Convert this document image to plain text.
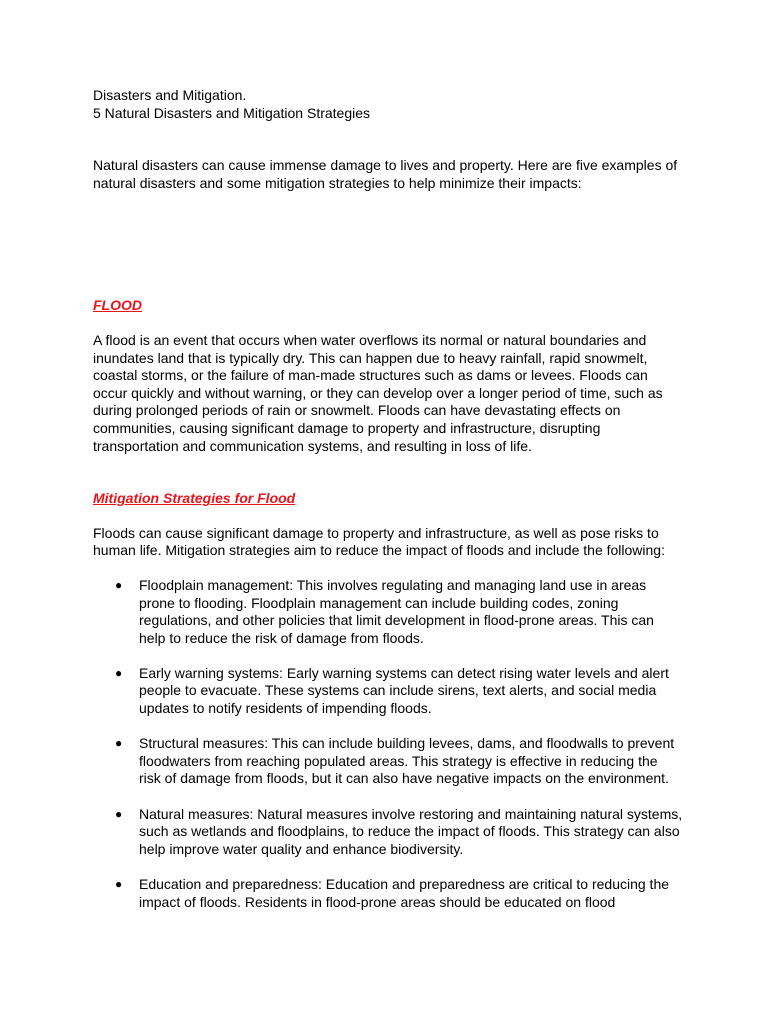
Disasters and Mitigation.

5 Natural Disasters and Mitigation Strategies

Natural disasters can cause immense damage to lives and property. Here are five examples of natural disasters and some mitigation strategies to help minimize their impacts:

FLOOD

A flood is an event that occurs when water overflows its normal or natural boundaries and inundates land that is typically dry. This can happen due to heavy rainfall, rapid snowmelt, coastal storms, or the failure of man-made structures such as dams or levees. Floods can occur quickly and without warning, or they can develop over a longer period of time, such as during prolonged periods of rain or snowmelt. Floods can have devastating effects on communities, causing significant damage to property and infrastructure, disrupting transportation and communication systems, and resulting in loss of life.

Mitigation Strategies for Flood

Floods can cause significant damage to property and infrastructure, as well as pose risks to human life. Mitigation strategies aim to reduce the impact of floods and include the following:

● Floodplain management: This involves regulating and managing land use in areas prone to flooding. Floodplain management can include building codes, zoning regulations, and other policies that limit development in flood-prone areas. This can help to reduce the risk of damage from floods.
● Early warning systems: Early warning systems can detect rising water levels and alert people to evacuate. These systems can include sirens, text alerts, and social media updates to notify residents of impending floods.
● Structural measures: This can include building levees, dams, and floodwalls to prevent floodwaters from reaching populated areas. This strategy is effective in reducing the risk of damage from floods, but it can also have negative impacts on the environment.
● Natural measures: Natural measures involve restoring and maintaining natural systems, such as wetlands and floodplains, to reduce the impact of floods. This strategy can also help improve water quality and enhance biodiversity.
● Education and preparedness: Education and preparedness are critical to reducing the impact of floods. Residents in flood-prone areas should be educated on flood
